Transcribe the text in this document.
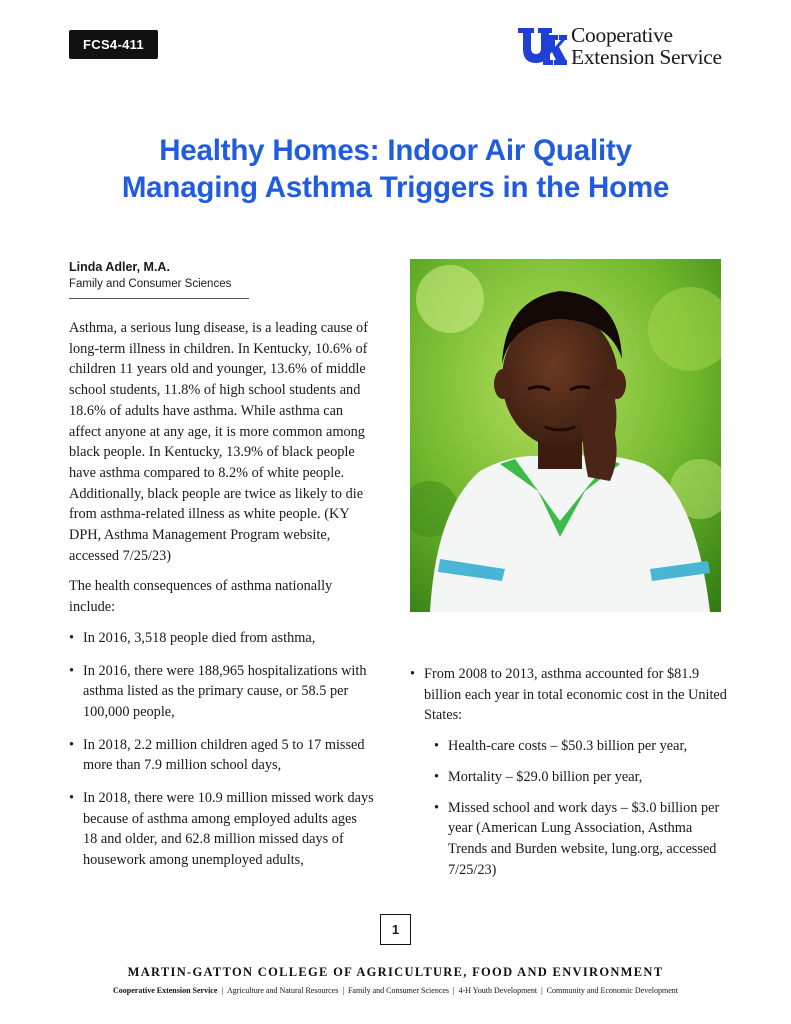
FCS4-411	Cooperative
Extension Service
Healthy Homes: Indoor Air Quality
Managing Asthma Triggers in the Home
Linda Adler, M.A.
Family and Consumer Sciences

Asthma, a serious lung disease, is a leading cause of long-term illness in children. In Kentucky, 10.6% of children 11 years old and younger, 13.6% of middle school students, 11.8% of high school students and 18.6% of adults have asthma. While asthma can affect anyone at any age, it is more common among black people. In Kentucky, 13.9% of black people have asthma compared to 8.2% of white people. Additionally, black people are twice as likely to die from asthma-related illness as white people. (KY DPH, Asthma Management Program website, accessed 7/25/23)

The health consequences of asthma nationally include:

• In 2016, 3,518 people died from asthma,
• In 2016, there were 188,965 hospitalizations with asthma listed as the primary cause, or 58.5 per 100,000 people,
• In 2018, 2.2 million children aged 5 to 17 missed more than 7.9 million school days,
• In 2018, there were 10.9 million missed work days because of asthma among employed adults ages 18 and older, and 62.8 million missed days of housework among unemployed adults,
• From 2008 to 2013, asthma accounted for $81.9 billion each year in total economic cost in the United States:
• Health-care costs – $50.3 billion per year,
• Mortality – $29.0 billion per year,
• Missed school and work days – $3.0 billion per year (American Lung Association, Asthma Trends and Burden website, lung.org, accessed 7/25/23)
1
MARTIN-GATTON COLLEGE OF AGRICULTURE, FOOD AND ENVIRONMENT
Cooperative Extension Service | Agriculture and Natural Resources | Family and Consumer Sciences | 4-H Youth Development | Community and Economic Development
